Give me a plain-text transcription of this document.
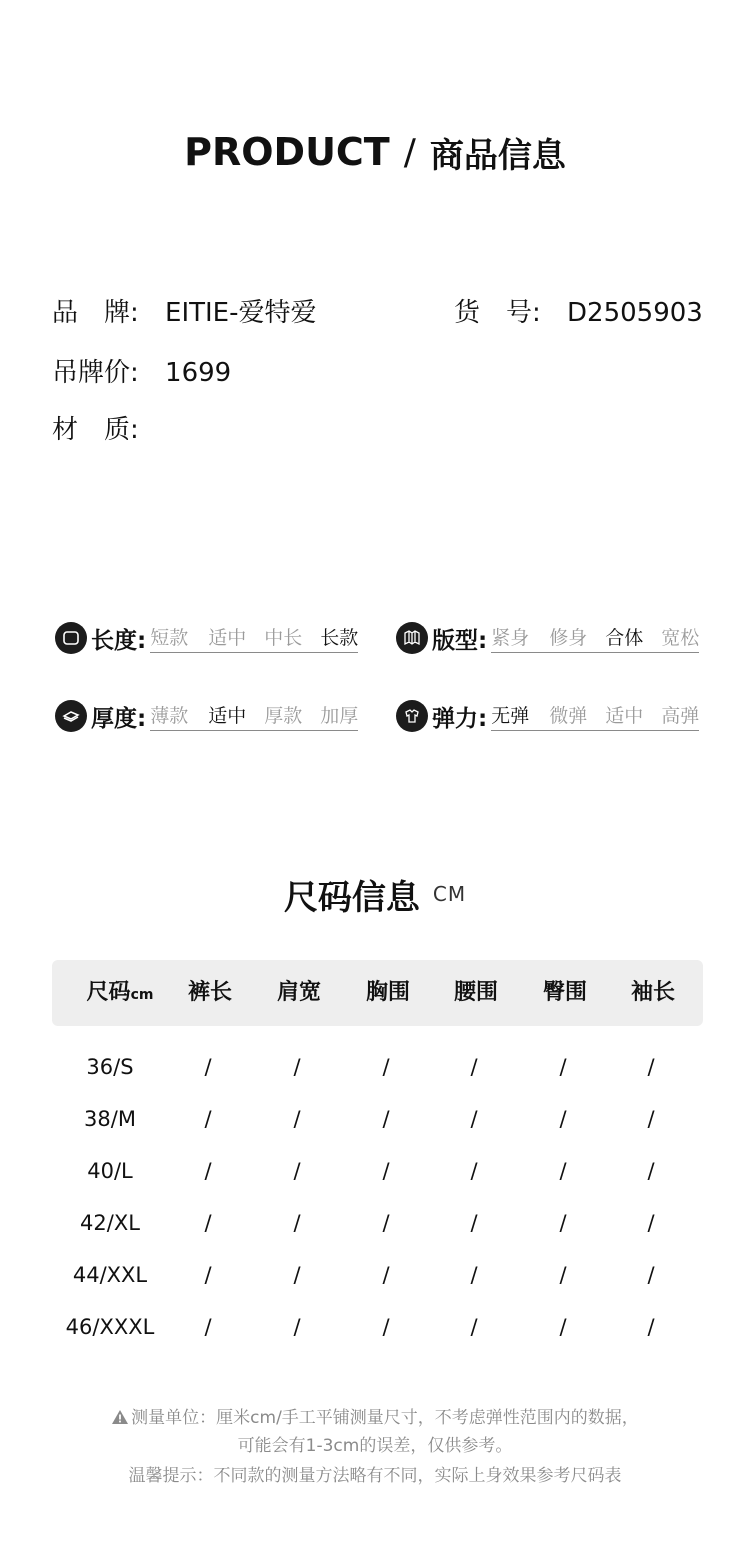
PRODUCT / 商品信息
品　牌: EITIE-爱特爱	货　号: D2505903
吊牌价: 1699
材　质:
长度: 短款	适中 中长 长款	版型: 紧身	修身 合体 宽松
厚度: 薄款	适中 厚款 加厚	弹力: 无弹	微弹 适中 高弹
尺码信息 CM
尺码cm	裤长	肩宽	胸围	腰围	臀围	袖长
36/S	/	/	/	/	/	/
38/M	/	/	/	/	/	/
40/L	/	/	/	/	/	/
42/XL	/	/	/	/	/	/
44/XXL	/	/	/	/	/	/
46/XXXL	/	/	/	/	/	/
测量单位：厘米cm/手工平铺测量尺寸，不考虑弹性范围内的数据，
可能会有1-3cm的误差，仅供参考。
温馨提示：不同款的测量方法略有不同，实际上身效果参考尺码表
